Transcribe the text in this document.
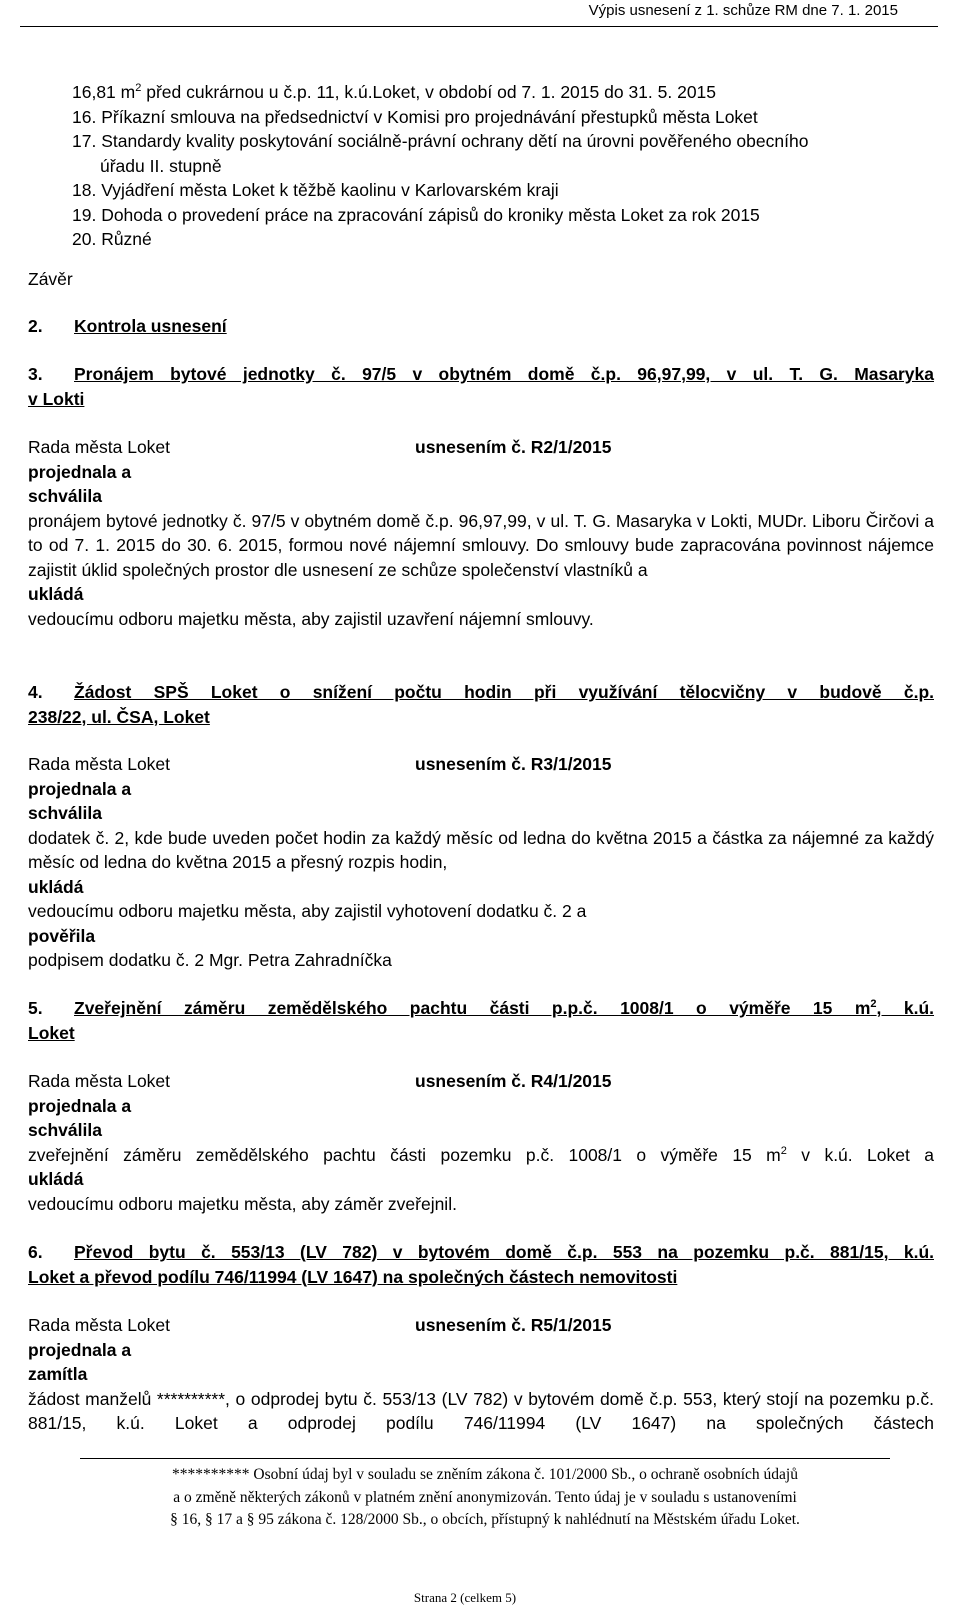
Výpis usnesení z 1. schůze RM dne 7. 1. 2015
16,81 $m^2$ před cukrárnou u č.p. 11, k.ú.Loket, v období od 7. 1. 2015 do 31. 5. 2015
16. Příkazní smlouva na předsednictví v Komisi pro projednávání přestupků města Loket
17. Standardy kvality poskytování sociálně-právní ochrany dětí na úrovni pověřeného obecního
úřadu II. stupně
18. Vyjádření města Loket k těžbě kaolinu v Karlovarském kraji
19. Dohoda o provedení práce na zpracování zápisů do kroniky města Loket za rok 2015
20. Různé
Závěr
2. Kontrola usnesení
3. Pronájem bytové jednotky č. 97/5 v obytném domě č.p. 96,97,99, v ul. T. G. Masaryka
v Lokti
Rada města Loket	usnesením č. R2/1/2015
projednala a
schválila
pronájem bytové jednotky č. 97/5 v obytném domě č.p. 96,97,99, v ul. T. G. Masaryka v Lokti, MUDr. Liboru Čirčovi a to od 7. 1. 2015 do 30. 6. 2015, formou nové nájemní smlouvy. Do smlouvy bude zapracována povinnost nájemce zajistit úklid společných prostor dle usnesení ze schůze společenství vlastníků a
ukládá
vedoucímu odboru majetku města, aby zajistil uzavření nájemní smlouvy.
4. Žádost SPŠ Loket o snížení počtu hodin při využívání tělocvičny v budově č.p.
238/22, ul. ČSA, Loket
Rada města Loket	usnesením č. R3/1/2015
projednala a
schválila
dodatek č. 2, kde bude uveden počet hodin za každý měsíc od ledna do května 2015 a částka za nájemné za každý měsíc od ledna do května 2015 a přesný rozpis hodin,
ukládá
vedoucímu odboru majetku města, aby zajistil vyhotovení dodatku č. 2 a
pověřila
podpisem dodatku č. 2 Mgr. Petra Zahradníčka
5. Zveřejnění záměru zemědělského pachtu části p.p.č. 1008/1 o výměře 15 $m^2$, k.ú.
Loket
Rada města Loket	usnesením č. R4/1/2015
projednala a
schválila
zveřejnění záměru zemědělského pachtu části pozemku p.č. 1008/1 o výměře 15 $m^2$ v k.ú. Loket a
ukládá
vedoucímu odboru majetku města, aby záměr zveřejnil.
6. Převod bytu č. 553/13 (LV 782) v bytovém domě č.p. 553 na pozemku p.č. 881/15, k.ú.
Loket a převod podílu 746/11994 (LV 1647) na společných částech nemovitosti
Rada města Loket	usnesením č. R5/1/2015
projednala a
zamítla
žádost manželů **********, o odprodej bytu č. 553/13 (LV 782) v bytovém domě č.p. 553, který stojí na pozemku p.č. 881/15, k.ú. Loket a odprodej podílu 746/11994 (LV 1647) na společných částech
********** Osobní údaj byl v souladu se zněním zákona č. 101/2000 Sb., o ochraně osobních údajů
a o změně některých zákonů v platném znění anonymizován. Tento údaj je v souladu s ustanoveními
§ 16, § 17 a § 95 zákona č. 128/2000 Sb., o obcích, přístupný k nahlédnutí na Městském úřadu Loket.
Strana 2 (celkem 5)
